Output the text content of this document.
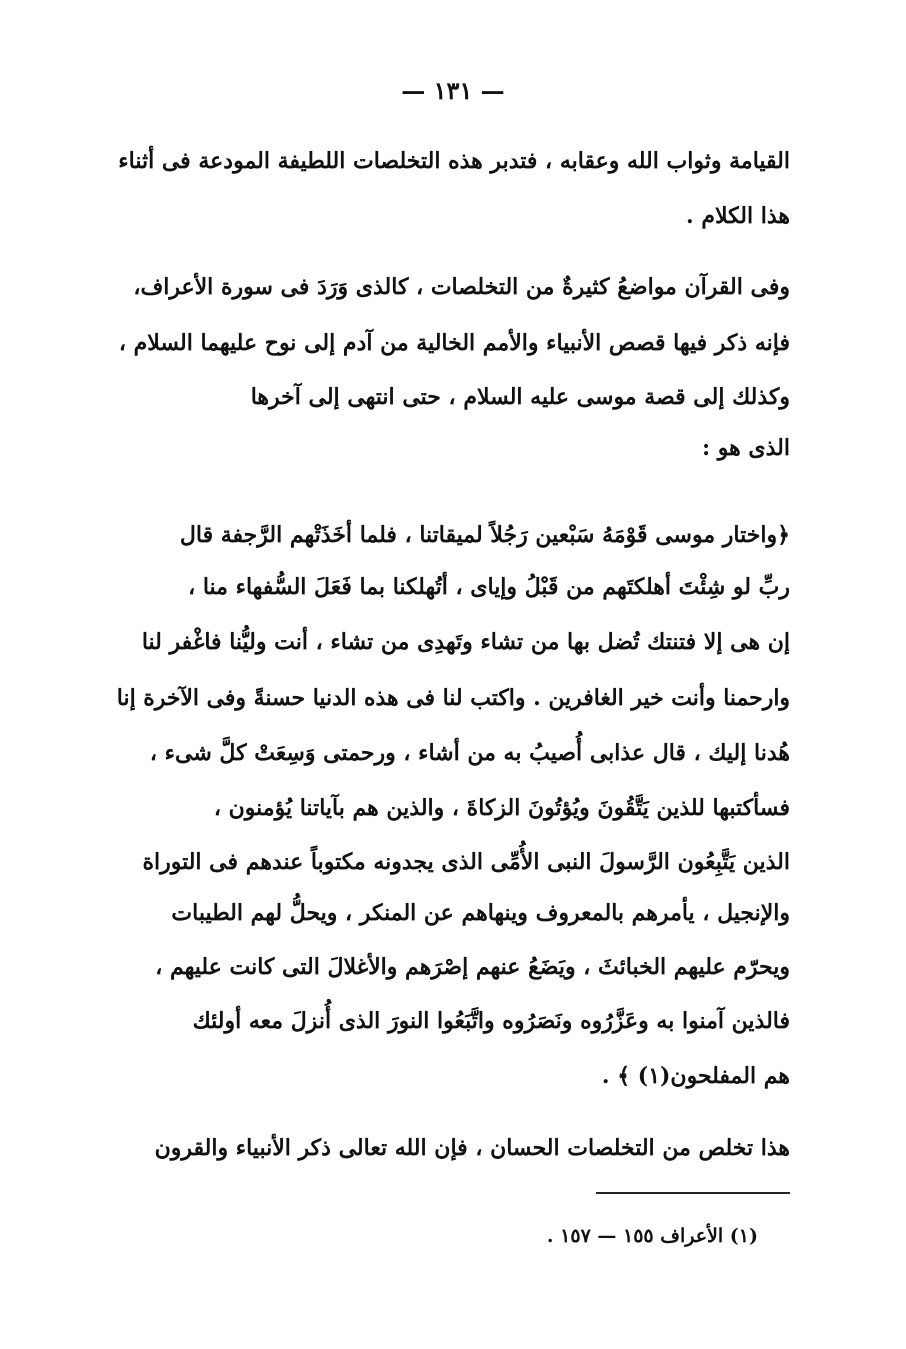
— ١٣١ —
القيامة وثواب الله وعقابه ، فتدبر هذه التخلصات اللطيفة المودعة فى أثناء
هذا الكلام .
وفى القرآن مواضعُ كثيرةٌ من التخلصات ، كالذى وَرَدَ فى سورة الأعراف،
فإنه ذكر فيها قصص الأنبياء والأمم الخالية من آدم إلى نوح عليهما السلام ،
وكذلك إلى قصة موسى عليه السلام ، حتى انتهى إلى آخرها
الذى هو :
﴿واختار موسى قَوْمَهُ سَبْعين رَجُلاً لميقاتنا ، فلما أخَذَتْهم الرَّجفة قال
ربِّ لو شِئْتَ أهلكتَهم من قَبْلُ وإياى ، أتُهلكنا بما فَعَلَ السُّفهاء منا ،
إن هى إلا فتنتك تُضل بها من تشاء وتَهدِى من تشاء ، أنت وليُّنا فاغْفر لنا
وارحمنا وأنت خير الغافرين . واكتب لنا فى هذه الدنيا حسنةً وفى الآخرة إنا
هُدنا إليك ، قال عذابى أُصيبُ به من أشاء ، ورحمتى وَسِعَتْ كلَّ شىء ،
فسأكتبها للذين يَتَّقُونَ ويُؤتُونَ الزكاةَ ، والذين هم بآياتنا يُؤمنون ،
الذين يَتَّبِعُون الرَّسولَ النبى الأُمِّى الذى يجدونه مكتوباً عندهم فى التوراة
والإنجيل ، يأمرهم بالمعروف وينهاهم عن المنكر ، ويحلُّ لهم الطيبات
ويحرّم عليهم الخبائثَ ، ويَضَعُ عنهم إصْرَهم والأغلالَ التى كانت عليهم ،
فالذين آمنوا به وعَزَّرُوه ونَصَرُوه واتَّبَعُوا النورَ الذى أُنزلَ معه أولئك
هم المفلحون(١) ﴾ .
هذا تخلص من التخلصات الحسان ، فإن الله تعالى ذكر الأنبياء والقرون
(١) الأعراف ١٥٥ — ١٥٧ .
